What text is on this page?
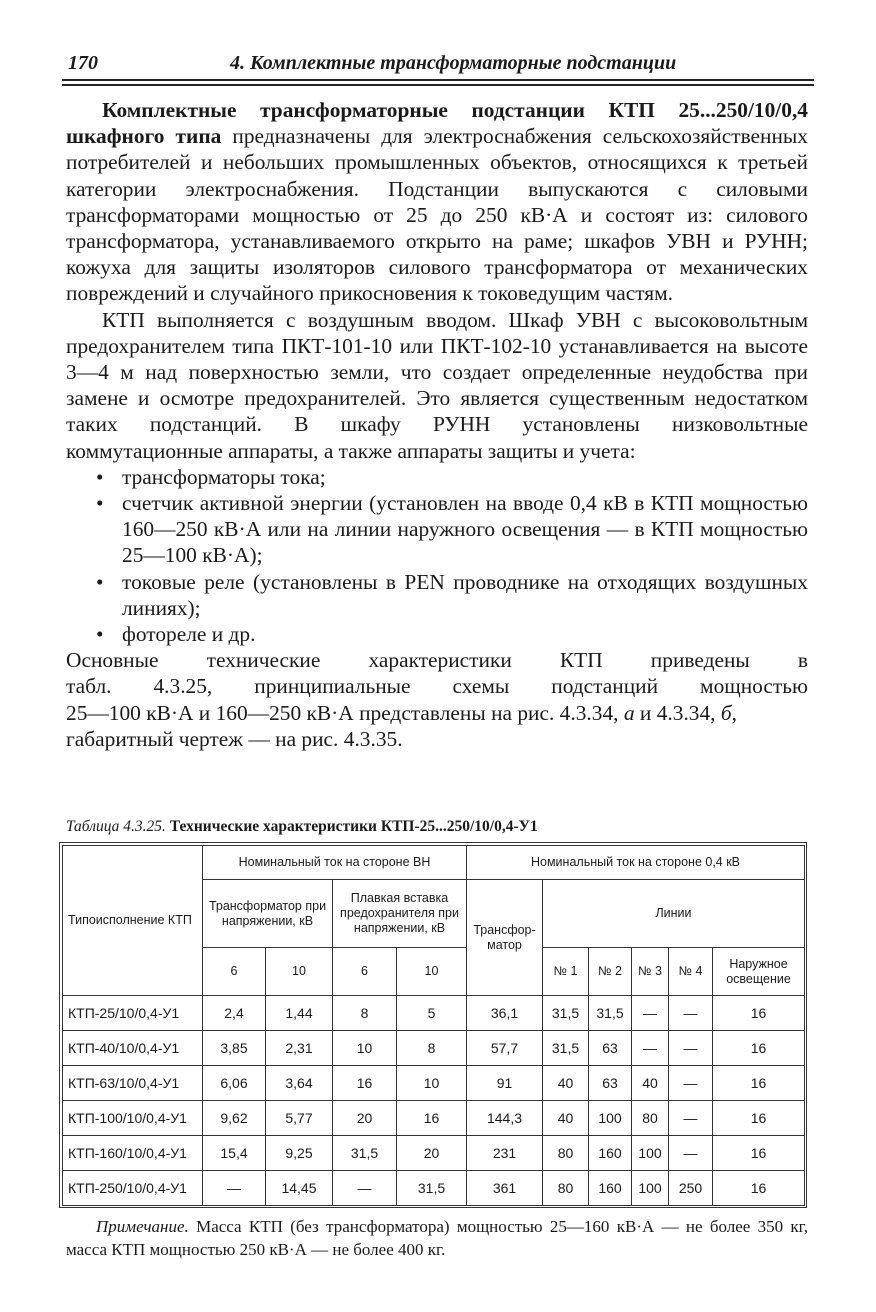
170	4. Комплектные трансформаторные подстанции

Комплектные трансформаторные подстанции КТП 25...250/10/0,4 шкафного типа предназначены для электроснабжения сельскохозяйственных потребителей и небольших промышленных объектов, относящихся к третьей категории электроснабжения. Подстанции выпускаются с силовыми трансформаторами мощностью от 25 до 250 кВ·А и состоят из: силового трансформатора, устанавливаемого открыто на раме; шкафов УВН и РУНН; кожуха для защиты изоляторов силового трансформатора от механических повреждений и случайного прикосновения к токоведущим частям.

КТП выполняется с воздушным вводом. Шкаф УВН с высоковольтным предохранителем типа ПКТ-101-10 или ПКТ-102-10 устанавливается на высоте 3—4 м над поверхностью земли, что создает определенные неудобства при замене и осмотре предохранителей. Это является существенным недостатком таких подстанций. В шкафу РУНН установлены низковольтные коммутационные аппараты, а также аппараты защиты и учета:

• трансформаторы тока;
• счетчик активной энергии (установлен на вводе 0,4 кВ в КТП мощностью 160—250 кВ·А или на линии наружного освещения — в КТП мощностью 25—100 кВ·А);
• токовые реле (установлены в PEN проводнике на отходящих воздушных линиях);
• фотореле и др.

Основные технические характеристики КТП приведены в

табл. 4.3.25, принципиальные схемы подстанций мощностью

25—100 кВ·А и 160—250 кВ·А представлены на рис. 4.3.34, а и 4.3.34, б,

габаритный чертеж — на рис. 4.3.35.

Таблица 4.3.25. Технические характеристики КТП-25...250/10/0,4-У1
Типоисполнение КТП	Номинальный ток на стороне ВН				Номинальный ток на стороне 0,4 кВ					
	Трансформатор при напряжении, кВ		Плавкая вставка предохранителя при напряжении, кВ		Трансфор-матор	Линии				
	6	10	6	10		№ 1	№ 2	№ 3	№ 4	Наружное освещение
КТП-25/10/0,4-У1	2,4	1,44	8	5	36,1	31,5	31,5	—	—	16
КТП-40/10/0,4-У1	3,85	2,31	10	8	57,7	31,5	63	—	—	16
КТП-63/10/0,4-У1	6,06	3,64	16	10	91	40	63	40	—	16
КТП-100/10/0,4-У1	9,62	5,77	20	16	144,3	40	100	80	—	16
КТП-160/10/0,4-У1	15,4	9,25	31,5	20	231	80	160	100	—	16
КТП-250/10/0,4-У1	—	14,45	—	31,5	361	80	160	100	250	16
Примечание. Масса КТП (без трансформатора) мощностью 25—160 кВ·А — не более 350 кг, масса КТП мощностью 250 кВ·А — не более 400 кг.
